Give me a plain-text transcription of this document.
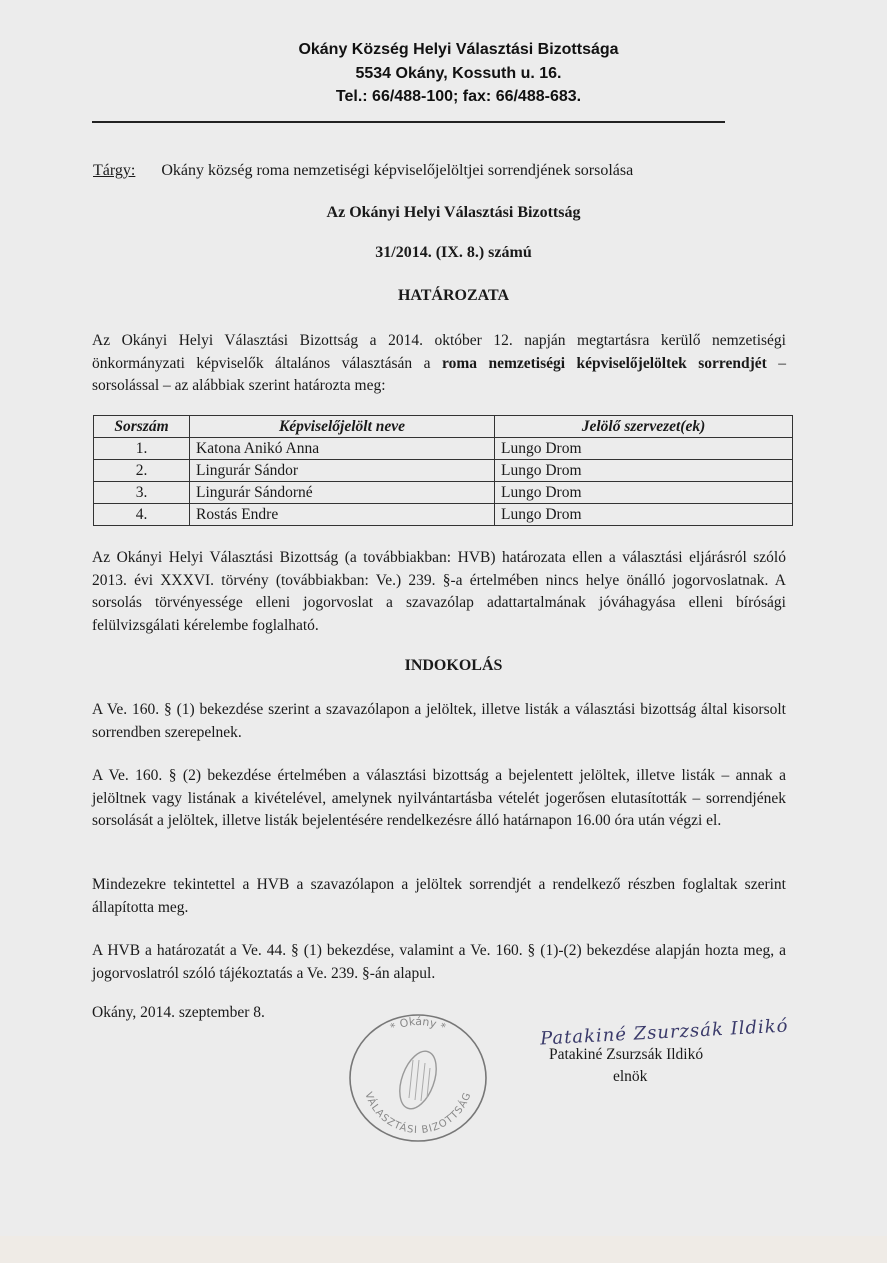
Okány Község Helyi Választási Bizottsága
5534 Okány, Kossuth u. 16.
Tel.: 66/488-100; fax: 66/488-683.
Tárgy: Okány község roma nemzetiségi képviselőjelöltjei sorrendjének sorsolása
Az Okányi Helyi Választási Bizottság
31/2014. (IX. 8.) számú
HATÁROZATA
Az Okányi Helyi Választási Bizottság a 2014. október 12. napján megtartásra kerülő nemzetiségi önkormányzati képviselők általános választásán a roma nemzetiségi képviselőjelöltek sorrendjét – sorsolással – az alábbiak szerint határozta meg:
Sorszám	Képviselőjelölt neve	Jelölő szervezet(ek)
1.	Katona Anikó Anna	Lungo Drom
2.	Lingurár Sándor	Lungo Drom
3.	Lingurár Sándorné	Lungo Drom
4.	Rostás Endre	Lungo Drom
Az Okányi Helyi Választási Bizottság (a továbbiakban: HVB) határozata ellen a választási eljárásról szóló 2013. évi XXXVI. törvény (továbbiakban: Ve.) 239. §-a értelmében nincs helye önálló jogorvoslatnak. A sorsolás törvényessége elleni jogorvoslat a szavazólap adattartalmának jóváhagyása elleni bírósági felülvizsgálati kérelembe foglalható.
INDOKOLÁS
A Ve. 160. § (1) bekezdése szerint a szavazólapon a jelöltek, illetve listák a választási bizottság által kisorsolt sorrendben szerepelnek.
A Ve. 160. § (2) bekezdése értelmében a választási bizottság a bejelentett jelöltek, illetve listák – annak a jelöltnek vagy listának a kivételével, amelynek nyilvántartásba vételét jogerősen elutasították – sorrendjének sorsolását a jelöltek, illetve listák bejelentésére rendelkezésre álló határnapon 16.00 óra után végzi el.
Mindezekre tekintettel a HVB a szavazólapon a jelöltek sorrendjét a rendelkező részben foglaltak szerint állapította meg.
A HVB a határozatát a Ve. 44. § (1) bekezdése, valamint a Ve. 160. § (1)-(2) bekezdése alapján hozta meg, a jogorvoslatról szóló tájékoztatás a Ve. 239. §-án alapul.
Okány, 2014. szeptember 8.
* Okány *
VÁLASZTÁSI BIZOTTSÁG
Patakiné Zsurzsák Ildikó
Patakiné Zsurzsák Ildikó
elnök
